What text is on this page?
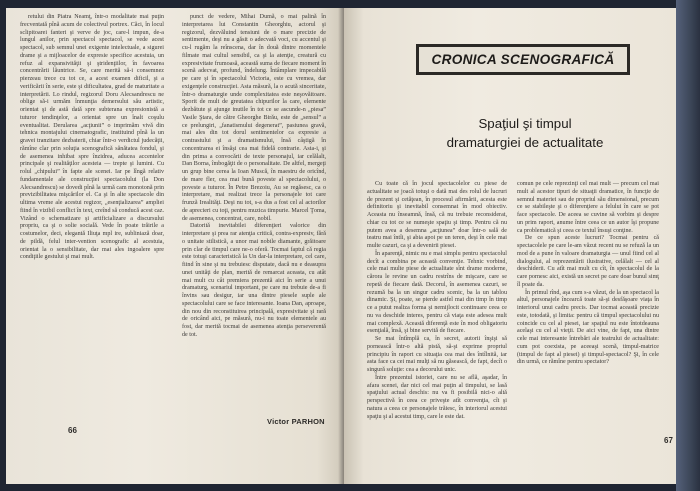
retului din Piatra Neamţ, într-o modalitate mai puţin frecventată pînă acum de colectivul portrex. Căci, în locul sclipitoarei fanteri şi verve de joc, care-l impun, de-a lungul anilor, prin spectacol spectacol, se vede acest spectacol, sub semnul unei exigente intelectuale, a sigurei drame şi a mijloacelor de expresie specifice acestuia, un refuz al expansivităţii şi ştridenţiilor, în favoarea concentrării lăuntrice. Se, care merită să-i consemnez pierzeau trece cu tot ce, a acest examen dificil, şi a verificării în serie, este şi dificultatea, grad de maturitate a interpretării. Lo rindul, regizorul Doru Alecsandrescu ne oblige să-i urmăm înmunţia demersului său artistic, orientat şi de astă dată spre subterana expresionistă a tuturor tendinţelor, a orientat spre un înalt coşulu eventualitat. Derularea „acţiunii” o imprimăm vivă din tehnica montajului cinematografic, instituind pînă la un gravei tranzitare dezbaterii, chiar într-o verdictul judecăţii, rămîne clar prin soluţia scenografică sănătatea fondul, şi de asemenea inhibat spre înzidrea, aducea accentelor principale şi realităţilor acesteia — trepte şi lumini. Cu rolul „chipului” în fapte ale scenei. Iar pe lîngă relativ fundamentale ale construcţiei spectacolului (la Don Alecsandrescu) se dovedi pînă la urmă cam monotonă prin previzibilitatea mişcărilor el. Ca şi în alte spectacole din ultima vreme ale acestui regizor, „esenţializarea” ampliei fiind în vizibil conflict în text, creînd să conducă acest caz. Vizând o schematizare şi artificializare a discursului propriu, ca şi o solie socială. Vede în poate trăirile a costumelor, deci, elegantă Iliuţa mpl ire, subliniază doar, de pildă, felul inter-vention scenografic al acestuia, orientat la o sensibilitate, dar mai ales ingoalere spre condiţiile gestului şi mai mult.

punct de vedere, Mihai Dumă, o mai palină în interpretarea lui Constantin Gheorghiu, actorul şi regizorul, dezvăluind tensiuni de o mare precizie de sentimente, deşi nu a găsit o adecvată voci, cu accentul şi cu-l rugăm la reînscena, dar în două dintre momentele filmate mai cultul sensibil, ca şi la atenţie, creatură cu expresivitate frumoasă, această suma de fiecare moment în scenă adecvat, profund, îndelung. Întâmplare impecabilă pe care şi în spectacolul Victoria, este cu vremea, dar exigenţele construcţiei. Asta măsură, la o acută sinceritate, într-o dramaturgie unde complexitatea este neşovăitoare. Sporit de mult de greutatea chipurilor la care, elemente dezbătute şi ajunge inutile în tot ce se ascunde-n „piesa” Vasile Ştara, de către Gheorghe Birău, este de „sensul” a ce prelungiri, „fanatismului degenerat”, pasiunea gravă, mai ales din tot dorul sentimentelor ca expresie a contrastului şi a dramatismului, însă câştigă în concentrarea ei însăşi cea mai fidelă contrarie. Asta-i, şi din prima a convocării de texte personajul, iar celălalt, Dan Borna, îmbogăţit de o personalitate. De altfel, mergeţi un grup bine cerea la Ioan Muscă, în maestru de oricînd, de mare fler, cea mai bună poveste al spectacolului, o poveste a tuturor. În Petre Brezoiu, Au se regăsesc, ca o interpretare, mai realizat trece la personajele tot care frunză Irealităţi. Deşi nu tot, s-a dus a fost cel al actorilor de aprecieri cu toţi, pentru muzica timpurie. Marcel Ţoma, de asemenea, concentrat, care, nobil.

Datorită inevitabilei diferenţieri valorice din interpretare şi prea rar atenţia critică, contra-expresiv, fără o unitate stilistică, a unor mai nobile diamante, grăitoare prin clar de timpul care ne-o oferă. Tocmai faptul că regia este totuşi caracteristică la Un dar-la interpretare, cel care, fiind în sine şi nu trebuiesc disputate, dacă nu e deasupra unei unităţi de plan, merită de remarcat aceasta, cu atât mai mult cu cât premiera prezentă aici în serie a unui dramaturg, scenariul important, pe care nu trebuie de-a fi învins sau desigur, iar una dintre piesele suple ale spectacolului care se face interesante. Ioana Dan, aproape, din nou din reconstituirea principală, expresivitate şi rară de oricând aici, pe măsură, nu-i nu toate elementele au fost, dar merită tocmai de asemenea atenţia perseverentă de tot.

Victor PARHON
66

Cu toate că în jocul spectacolelor cu piese de actualitate se joacă totuşi o dată mai des rolul de lucruri de prezent şi cetăţean, în procesul afirmării, acesta este definitoriu şi inevitabil consemnat în mod obiectiv. Aceasta nu înseamnă, însă, că nu trebuie reconsiderat, chiar cu tot ce se numeşte spaţiu şi timp. Pentru că nu putem avea a desemna „acţiunea” doar într-o sală de teatru mai întîi, şi abia apoi pe un teren, deşi în cele mai multe cazuri, ca şi a devenirii piesei.

În aparenţă, nimic nu e mai simplu pentru spectacolul decît a combina pe această convenţie. Tehnic vorbind, cele mai multe piese de actualitate sînt drame moderne, cărora le revine un cadru restrîns de mişcare, care se repetă de fiecare dată. Decorul, în asemenea cazuri, se rezumă ba la un singur cadru scenic, ba la un tablou dinamic. Şi, poate, se pierde astfel mai din timp în timp ce a putut realiza forma şi nemijlocit continuare ceea ce nu va deschide interes, pentru că viaţa este adesea mult mai complexă. Această diferenţă este în mod obligatoriu esenţială, însă, şi bine servită de fiecare.

Se mai întîmplă ca, în secret, autorii înşişi să pornească într-o altă pistă, să-şi exprime propriul principiu în raport cu situaţia cea mai des întîlnită, iar asta face ca cei mai mulţi să nu găsească, de fapt, decît o singură soluţie: cea a decorului unic.

Între prezentul istoriei, care nu se află, aşadar, în afara scenei, dar nici cel mai puţin al timpului, se lasă spaţiului actual deschis: nu va fi posibilă nici-o altă perspectivă în ceea ce priveşte atît convenţia, cît şi natura a ceea ce personajele trăiesc, în interiorul acestui spaţiu şi al acestui timp, care le este dat.

comun pe cele reprezinţi cel mai mult — precum cel mai mult al acestor tipuri de situaţii dramatice, în funcţie de semnul materiei sau de propriul său dimensional, precum ce se stabileşte şi o diferenţiere a felului în care se pot face spectacole. De aceea se cuvine să vorbim şi despre un prim raport, anume între ceea ce un autor îşi propune ca problematică şi ceea ce textul însuşi conţine.

De ce spun aceste lucruri? Tocmai pentru că spectacolele pe care le-am văzut recent nu se refuză la un mod de a pune în valoare dramaturgia — unul fiind cel al dialogului, al reprezentării ilustrative, celălalt — cel al deschiderii. Cu atît mai mult cu cît, în spectacolul de la care pornesc aici, există un secret pe care doar bunul simţ îl poate da.

În primul rînd, aşa cum s-a văzut, de la un spectacol la altul, personajele încearcă toate să-şi desfăşoare viaţa în interiorul unui cadru precis. Dar tocmai această precizie este, totodată, şi limita: pentru că timpul spectacolului nu coincide cu cel al piesei, iar spaţiul nu este întotdeauna acelaşi cu cel al vieţii. De aici vine, de fapt, una dintre cele mai interesante întrebări ale teatrului de actualitate: cum pot coexista, pe aceeaşi scenă, timpul-matrice (timpul de fapt al piesei) şi timpul-spectacol? Şi, în cele din urmă, ce rămîne pentru spectator?

67
CRONICA SCENOGRAFICĂ
Spaţiul şi timpul
dramaturgiei de actualitate
